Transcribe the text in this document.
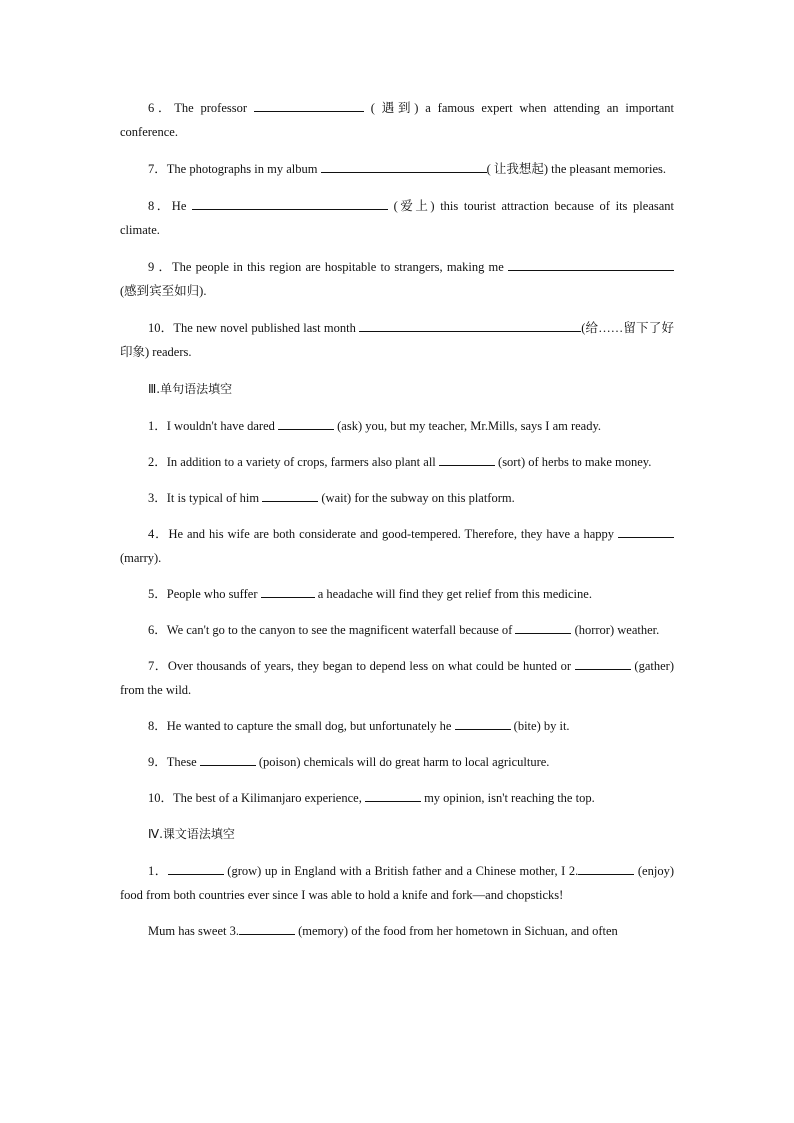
6．The professor	( 遇到) a famous expert when attending an important conference.

7．The photographs in my album	( 让我想起) the pleasant memories.

8．He	(爱上) this tourist attraction because of its pleasant climate.

9 ．The people in this region are hospitable to strangers, making me  (感到宾至如归).

10．The new novel published last month	(给……留下了好印象) readers.

Ⅲ.单句语法填空

1．I wouldn't have dared	(ask) you, but my teacher, Mr.Mills, says I am ready.

2．In addition to a variety of crops, farmers also plant all	(sort) of herbs to make money.

3．It is typical of him	(wait) for the subway on this platform.

4．He and his wife are both considerate and good-tempered. Therefore, they have a happy  (marry).

5．People who suffer	a headache will find they get relief from this medicine.

6．We can't go to the canyon to see the magnificent waterfall because of	(horror) weather.

7．Over thousands of years, they began to depend less on what could be hunted or	(gather) from the wild.

8．He wanted to capture the small dog, but unfortunately he	(bite) by it.

9．These	(poison) chemicals will do great harm to local agriculture.

10．The best of a Kilimanjaro experience,	my opinion, isn't reaching the top.

Ⅳ.课文语法填空

1．	(grow) up in England with a British father and a Chinese mother, I 2.	(enjoy) food from both countries ever since I was able to hold a knife and fork—and chopsticks!

Mum has sweet 3.	(memory) of the food from her hometown in Sichuan, and often
